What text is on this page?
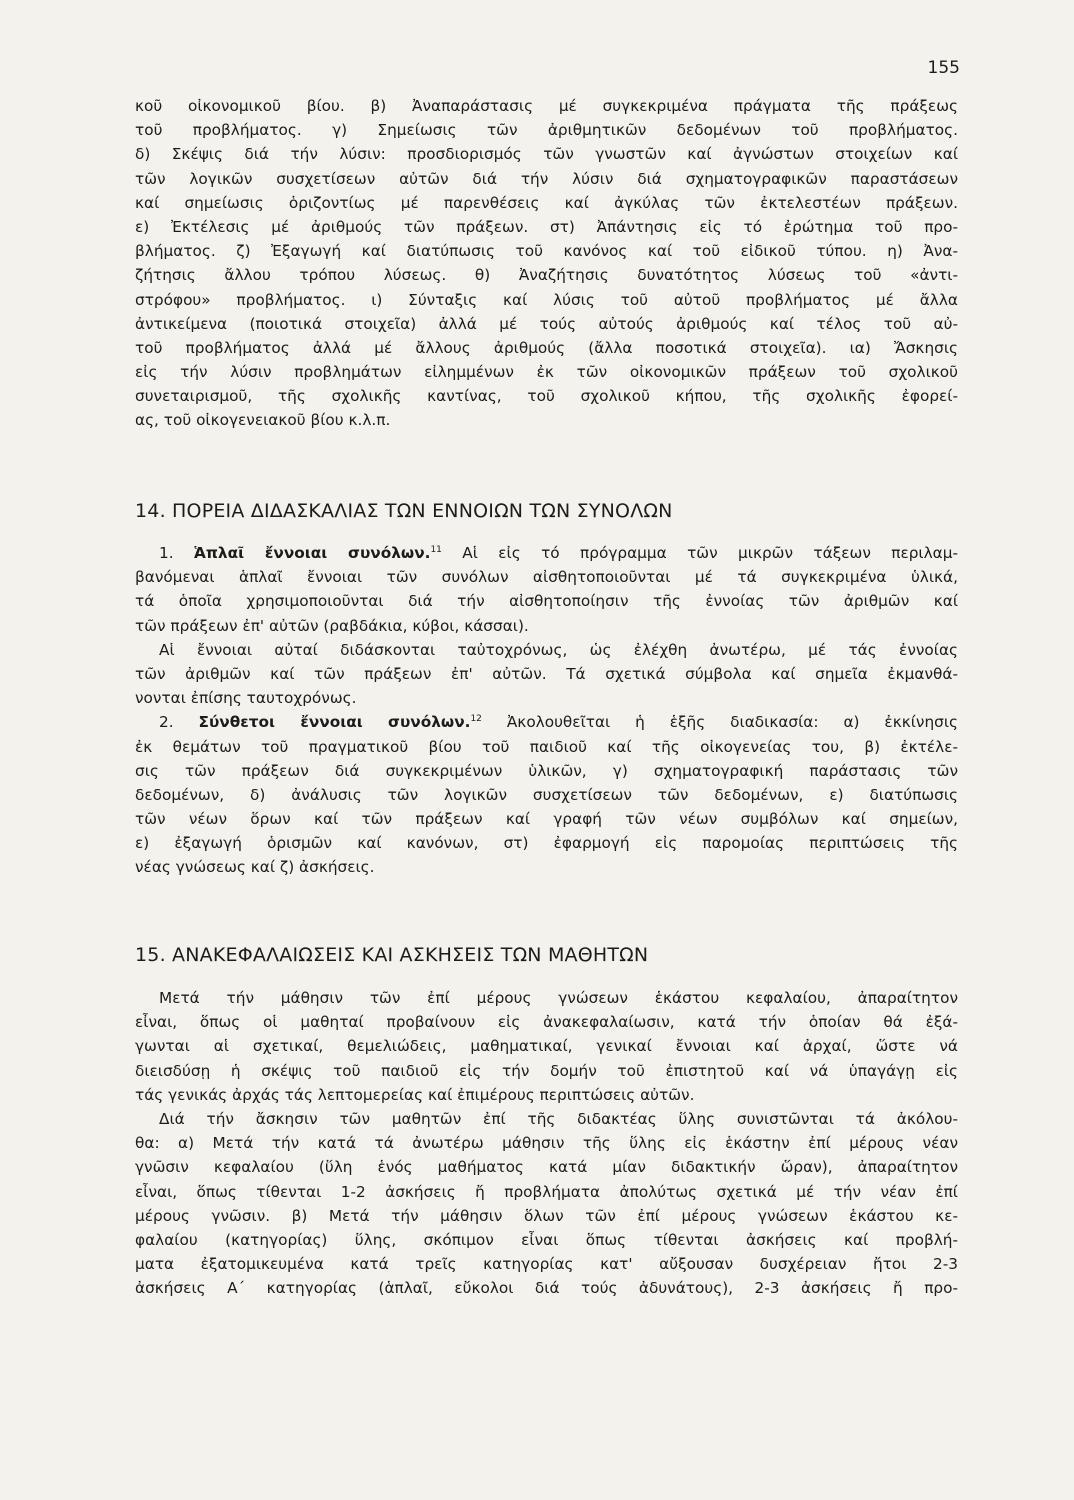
155
κοῦ οἰκονομικοῦ βίου. β) Ἀναπαράστασις μέ συγκεκριμένα πράγματα τῆς πράξεως
τοῦ προβλήματος. γ) Σημείωσις τῶν ἀριθμητικῶν δεδομένων τοῦ προβλήματος.
δ) Σκέψις διά τήν λύσιν: προσδιορισμός τῶν γνωστῶν καί ἀγνώστων στοιχείων καί
τῶν λογικῶν συσχετίσεων αὐτῶν διά τήν λύσιν διά σχηματογραφικῶν παραστάσεων
καί σημείωσις ὁριζοντίως μέ παρενθέσεις καί ἀγκύλας τῶν ἐκτελεστέων πράξεων.
ε) Ἐκτέλεσις μέ ἀριθμούς τῶν πράξεων. στ) Ἀπάντησις εἰς τό ἐρώτημα τοῦ προ-
βλήματος. ζ) Ἐξαγωγή καί διατύπωσις τοῦ κανόνος καί τοῦ εἰδικοῦ τύπου. η) Ἀνα-
ζήτησις ἄλλου τρόπου λύσεως. θ) Ἀναζήτησις δυνατότητος λύσεως τοῦ «ἀντι-
στρόφου» προβλήματος. ι) Σύνταξις καί λύσις τοῦ αὐτοῦ προβλήματος μέ ἄλλα
ἀντικείμενα (ποιοτικά στοιχεῖα) ἀλλά μέ τούς αὐτούς ἀριθμούς καί τέλος τοῦ αὐ-
τοῦ προβλήματος ἀλλά μέ ἄλλους ἀριθμούς (ἄλλα ποσοτικά στοιχεῖα). ια) Ἄσκησις
εἰς τήν λύσιν προβλημάτων εἰλημμένων ἐκ τῶν οἰκονομικῶν πράξεων τοῦ σχολικοῦ
συνεταιρισμοῦ, τῆς σχολικῆς καντίνας, τοῦ σχολικοῦ κήπου, τῆς σχολικῆς ἐφορεί-
ας, τοῦ οἰκογενειακοῦ βίου κ.λ.π.
14. ΠΟΡΕΙΑ ΔΙΔΑΣΚΑΛΙΑΣ ΤΩΝ ΕΝΝΟΙΩΝ ΤΩΝ ΣΥΝΟΛΩΝ
1. Ἁπλαῖ ἔννοιαι συνόλων.$^{11}$ Αἱ εἰς τό πρόγραμμα τῶν μικρῶν τάξεων περιλαμ-
βανόμεναι ἁπλαῖ ἔννοιαι τῶν συνόλων αἰσθητοποιοῦνται μέ τά συγκεκριμένα ὑλικά,
τά ὁποῖα χρησιμοποιοῦνται διά τήν αἰσθητοποίησιν τῆς ἐννοίας τῶν ἀριθμῶν καί
τῶν πράξεων ἐπ' αὐτῶν (ραβδάκια, κύβοι, κάσσαι).
Αἱ ἔννοιαι αὐταί διδάσκονται ταὐτοχρόνως, ὡς ἐλέχθη ἀνωτέρω, μέ τάς ἐννοίας
τῶν ἀριθμῶν καί τῶν πράξεων ἐπ' αὐτῶν. Τά σχετικά σύμβολα καί σημεῖα ἐκμανθά-
νονται ἐπίσης ταυτοχρόνως.
2. Σύνθετοι ἔννοιαι συνόλων.$^{12}$ Ἀκολουθεῖται ἡ ἑξῆς διαδικασία: α) ἐκκίνησις
ἐκ θεμάτων τοῦ πραγματικοῦ βίου τοῦ παιδιοῦ καί τῆς οἰκογενείας του, β) ἐκτέλε-
σις τῶν πράξεων διά συγκεκριμένων ὑλικῶν, γ) σχηματογραφική παράστασις τῶν
δεδομένων, δ) ἀνάλυσις τῶν λογικῶν συσχετίσεων τῶν δεδομένων, ε) διατύπωσις
τῶν νέων ὅρων καί τῶν πράξεων καί γραφή τῶν νέων συμβόλων καί σημείων,
ε) ἐξαγωγή ὁρισμῶν καί κανόνων, στ) ἐφαρμογή εἰς παρομοίας περιπτώσεις τῆς
νέας γνώσεως καί ζ) ἀσκήσεις.
15. ΑΝΑΚΕΦΑΛΑΙΩΣΕΙΣ ΚΑΙ ΑΣΚΗΣΕΙΣ ΤΩΝ ΜΑΘΗΤΩΝ
Μετά τήν μάθησιν τῶν ἐπί μέρους γνώσεων ἑκάστου κεφαλαίου, ἀπαραίτητον
εἶναι, ὅπως οἱ μαθηταί προβαίνουν εἰς ἀνακεφαλαίωσιν, κατά τήν ὁποίαν θά ἐξά-
γωνται αἱ σχετικαί, θεμελιώδεις, μαθηματικαί, γενικαί ἔννοιαι καί ἀρχαί, ὥστε νά
διεισδύσῃ ἡ σκέψις τοῦ παιδιοῦ εἰς τήν δομήν τοῦ ἐπιστητοῦ καί νά ὑπαγάγῃ εἰς
τάς γενικάς ἀρχάς τάς λεπτομερείας καί ἐπιμέρους περιπτώσεις αὐτῶν.
Διά τήν ἄσκησιν τῶν μαθητῶν ἐπί τῆς διδακτέας ὕλης συνιστῶνται τά ἀκόλου-
θα: α) Μετά τήν κατά τά ἀνωτέρω μάθησιν τῆς ὕλης εἰς ἑκάστην ἐπί μέρους νέαν
γνῶσιν κεφαλαίου (ὕλη ἑνός μαθήματος κατά μίαν διδακτικήν ὥραν), ἀπαραίτητον
εἶναι, ὅπως τίθενται 1-2 ἀσκήσεις ἤ προβλήματα ἀπολύτως σχετικά μέ τήν νέαν ἐπί
μέρους γνῶσιν. β) Μετά τήν μάθησιν ὅλων τῶν ἐπί μέρους γνώσεων ἑκάστου κε-
φαλαίου (κατηγορίας) ὕλης, σκόπιμον εἶναι ὅπως τίθενται ἀσκήσεις καί προβλή-
ματα ἐξατομικευμένα κατά τρεῖς κατηγορίας κατ' αὔξουσαν δυσχέρειαν ἤτοι 2-3
ἀσκήσεις Α΄ κατηγορίας (ἁπλαῖ, εὔκολοι διά τούς ἀδυνάτους), 2-3 ἀσκήσεις ἤ προ-
